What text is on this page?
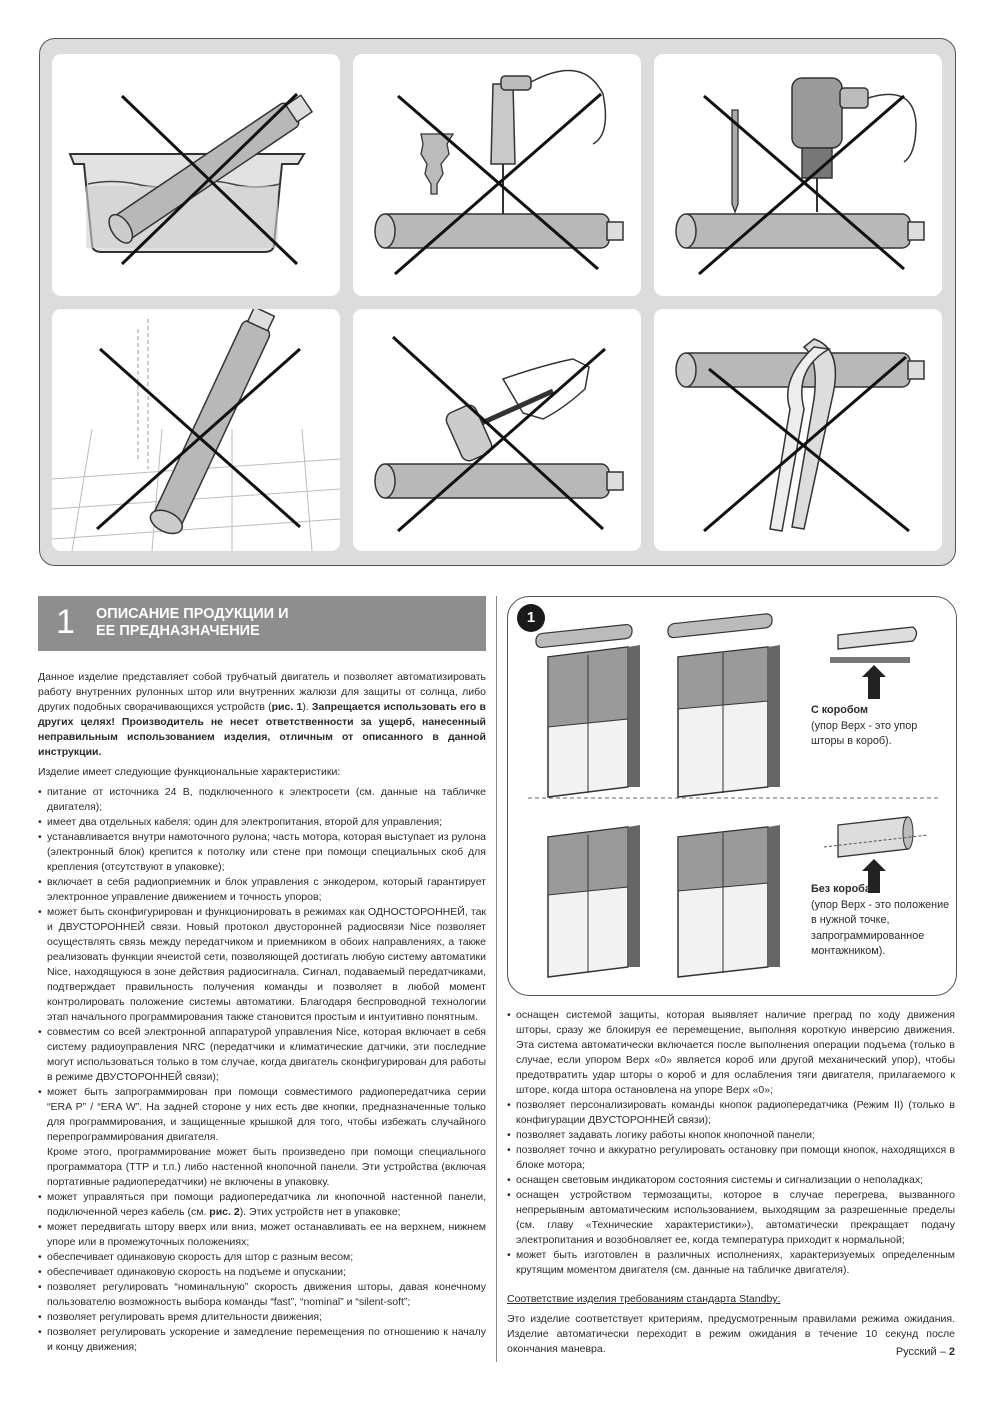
1 ОПИСАНИЕ ПРОДУКЦИИ И
ЕЕ ПРЕДНАЗНАЧЕНИЕ

Данное изделие представляет собой трубчатый двигатель и позволяет автоматизировать работу внутренних рулонных штор или внутренних жалюзи для защиты от солнца, либо других подобных сворачивающихся устройств (рис. 1). Запрещается использовать его в других целях! Производитель не несет ответственности за ущерб, нанесенный неправильным использованием изделия, отличным от описанного в данной инструкции.

Изделие имеет следующие функциональные характеристики:

• питание от источника 24 В, подключенного к электросети (см. данные на табличке двигателя);
• имеет два отдельных кабеля: один для электропитания, второй для управления;
• устанавливается внутри намоточного рулона; часть мотора, которая выступает из рулона (электронный блок) крепится к потолку или стене при помощи специальных скоб для крепления (отсутствуют в упаковке);
• включает в себя радиоприемник и блок управления с энкодером, который гарантирует электронное управление движением и точность упоров;
• может быть сконфигурирован и функционировать в режимах как ОДНОСТОРОННЕЙ, так и ДВУСТОРОННЕЙ связи. Новый протокол двусторонней радиосвязи Nice позволяет осуществлять связь между передатчиком и приемником в обоих направлениях, а также реализовать функции ячеистой сети, позволяющей достигать любую систему автоматики Nice, находящуюся в зоне действия радиосигнала. Сигнал, подаваемый передатчиками, подтверждает правильность получения команды и позволяет в любой момент контролировать положение системы автоматики. Благодаря беспроводной технологии этап начального программирования также становится простым и интуитивно понятным.
• совместим со всей электронной аппаратурой управления Nice, которая включает в себя систему радиоуправления NRC (передатчики и климатические датчики, эти последние могут использоваться только в том случае, когда двигатель сконфигурирован для работы в режиме ДВУСТОРОННЕЙ связи);
• может быть запрограммирован при помощи совместимого радиопередатчика серии “ERA P” / “ERA W”. На задней стороне у них есть две кнопки, предназначенные только для программирования, и защищенные крышкой для того, чтобы избежать случайного перепрограммирования двигателя.
Кроме этого, программирование может быть произведено при помощи специального программатора (TTP и т.п.) либо настенной кнопочной панели. Эти устройства (включая портативные радиопередатчики) не включены в упаковку.
• может управляться при помощи радиопередатчика ли кнопочной настенной панели, подключенной через кабель (см. рис. 2). Этих устройств нет в упаковке;
• может передвигать штору вверх или вниз, может останавливать ее на верхнем, нижнем упоре или в промежуточных положениях;
• обеспечивает одинаковую скорость для штор с разным весом;
• обеспечивает одинаковую скорость на подъеме и опускании;
• позволяет регулировать “номинальную” скорость движения шторы, давая конечному пользователю возможность выбора команды “fast”, “nominal” и “silent-soft”;
• позволяет регулировать время длительности движения;
• позволяет регулировать ускорение и замедление перемещения по отношению к началу и концу движения;
1
С коробом
(упор Верх - это упор шторы в короб).
Без короба
(упор Верх - это положение в нужной точке, запрограммированное монтажником).
• оснащен системой защиты, которая выявляет наличие преград по ходу движения шторы, сразу же блокируя ее перемещение, выполняя короткую инверсию движения. Эта система автоматически включается после выполнения операции подъема (только в случае, если упором Верх «0» является короб или другой механический упор), чтобы предотвратить удар шторы о короб и для ослабления тяги двигателя, прилагаемого к шторе, когда штора остановлена на упоре Верх «0»;
• позволяет персонализировать команды кнопок радиопередатчика (Режим II) (только в конфигурации ДВУСТОРОННЕЙ связи);
• позволяет задавать логику работы кнопок кнопочной панели;
• позволяет точно и аккуратно регулировать остановку при помощи кнопок, находящихся в блоке мотора;
• оснащен световым индикатором состояния системы и сигнализации о неполадках;
• оснащен устройством термозащиты, которое в случае перегрева, вызванного непрерывным автоматическим использованием, выходящим за разрешенные пределы (см. главу «Технические характеристики»), автоматически прекращает подачу электропитания и возобновляет ее, когда температура приходит к нормальной;
• может быть изготовлен в различных исполнениях, характеризуемых определенным крутящим моментом двигателя (см. данные на табличке двигателя).

Соответствие изделия требованиям стандарта Standby:

Это изделие соответствует критериям, предусмотренным правилами режима ожидания. Изделие автоматически переходит в режим ожидания в течение 10 секунд после окончания маневра.	Русский – 2
